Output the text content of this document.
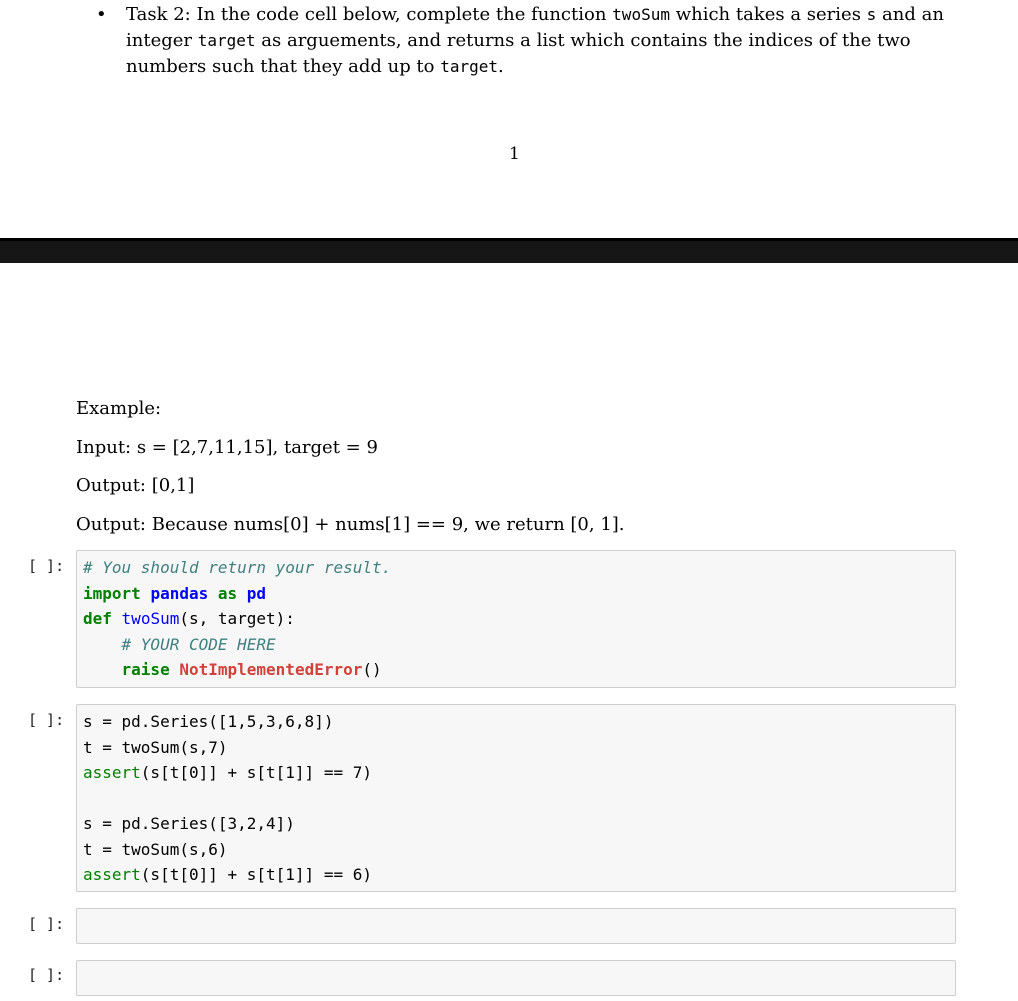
• Task 2: In the code cell below, complete the function twoSum which takes a series s and an integer target as arguements, and returns a list which contains the indices of the two numbers such that they add up to target.
1
Example:
Input: s = [2,7,11,15], target = 9
Output: [0,1]
Output: Because nums[0] + nums[1] == 9, we return [0, 1].
[ ]: # You should return your result.
import pandas as pd
def twoSum(s, target):
# YOUR CODE HERE
raise NotImplementedError()
[ ]: s = pd.Series([1,5,3,6,8])
t = twoSum(s,7)
assert(s[t[0]] + s[t[1]] == 7)
s = pd.Series([3,2,4])
t = twoSum(s,6)
assert(s[t[0]] + s[t[1]] == 6)
[ ]:
[ ]:
